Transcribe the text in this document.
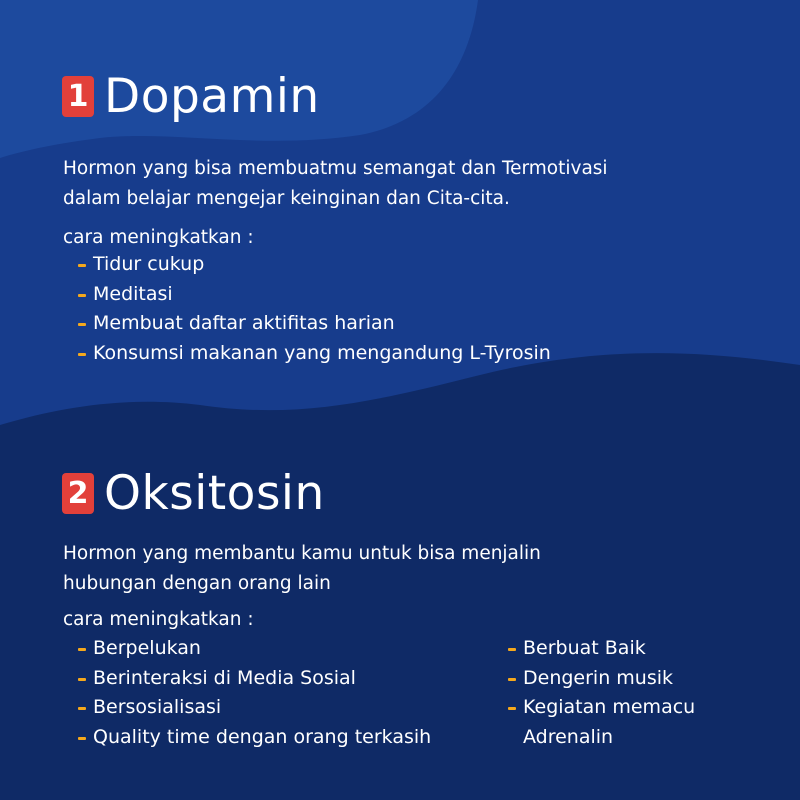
1 Dopamin
Hormon yang bisa membuatmu semangat dan Termotivasi
dalam belajar mengejar keinginan dan Cita-cita.
cara meningkatkan :
Tidur cukup
Meditasi
Membuat daftar aktifitas harian
Konsumsi makanan yang mengandung L-Tyrosin
2 Oksitosin
Hormon yang membantu kamu untuk bisa menjalin
hubungan dengan orang lain
cara meningkatkan :
Berpelukan
Berinteraksi di Media Sosial
Bersosialisasi
Quality time dengan orang terkasih
Berbuat Baik
Dengerin musik
Kegiatan memacu
Adrenalin
